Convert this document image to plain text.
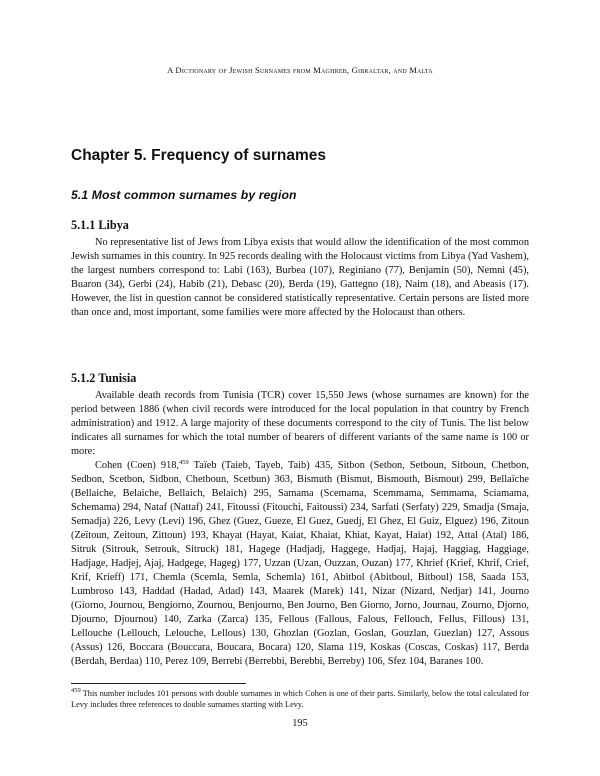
A Dictionary of Jewish Surnames from Maghreb, Gibraltar, and Malta
Chapter 5. Frequency of surnames
5.1 Most common surnames by region
5.1.1 Libya

No representative list of Jews from Libya exists that would allow the identification of the most common Jewish surnames in this country. In 925 records dealing with the Holocaust victims from Libya (Yad Vashem), the largest numbers correspond to: Labi (163), Burbea (107), Reginiano (77), Benjamin (50), Nemni (45), Buaron (34), Gerbi (24), Habib (21), Debasc (20), Berda (19), Gattegno (18), Naim (18), and Abeasis (17). However, the list in question cannot be considered statistically representative. Certain persons are listed more than once and, most important, some families were more affected by the Holocaust than others.

5.1.2 Tunisia

Available death records from Tunisia (TCR) cover 15,550 Jews (whose surnames are known) for the period between 1886 (when civil records were introduced for the local population in that country by French administration) and 1912. A large majority of these documents correspond to the city of Tunis. The list below indicates all surnames for which the total number of bearers of different variants of the same name is 100 or more:

Cohen (Coen) 918,$^{459}$ Taïeb (Taieb, Tayeb, Taib) 435, Sitbon (Setbon, Setboun, Sitboun, Chetbon, Sedbon, Scetbon, Sidbon, Chetboun, Scetbun) 363, Bismuth (Bismut, Bismouth, Bismout) 299, Bellaïche (Bellaiche, Belaiche, Bellaich, Belaich) 295, Samama (Scemama, Scemmama, Semmama, Sciamama, Schemama) 294, Nataf (Nattaf) 241, Fitoussi (Fitouchi, Faitoussi) 234, Sarfati (Serfaty) 229, Smadja (Smaja, Semadja) 226, Levy (Levi) 196, Ghez (Guez, Gueze, El Guez, Guedj, El Ghez, El Guiz, Elguez) 196, Zitoun (Zeïtoun, Zeitoun, Zittoun) 193, Khayat (Hayat, Kaiat, Khaiat, Khiat, Kayat, Haiat) 192, Attal (Atal) 186, Sitruk (Sitrouk, Setrouk, Sitruck) 181, Hagege (Hadjadj, Haggege, Hadjaj, Hajaj, Haggiag, Haggiage, Hadjage, Hadjej, Ajaj, Hadgege, Hageg) 177, Uzzan (Uzan, Ouzzan, Ouzan) 177, Khrief (Krief, Khrif, Crief, Krif, Krieff) 171, Chemla (Scemla, Semla, Schemla) 161, Abitbol (Abitboul, Bitboul) 158, Saada 153, Lumbroso 143, Haddad (Hadad, Adad) 143, Maarek (Marek) 141, Nizar (Nizard, Nedjar) 141, Journo (Giorno, Journou, Bengiorno, Zournou, Benjourno, Ben Journo, Ben Giorno, Jorno, Journau, Zourno, Djorno, Djourno, Djournou) 140, Zarka (Zarca) 135, Fellous (Fallous, Falous, Fellouch, Fellus, Fillous) 131, Lellouche (Lellouch, Lelouche, Lellous) 130, Ghozlan (Gozlan, Goslan, Gouzlan, Guezlan) 127, Assous (Assus) 126, Boccara (Bouccara, Boucara, Bocara) 120, Slama 119, Koskas (Coscas, Coskas) 117, Berda (Berdah, Berdaa) 110, Perez 109, Berrebi (Berrebbi, Berebbi, Berreby) 106, Sfez 104, Baranes 100.

$^{459}$ This number includes 101 persons with double surnames in which Cohen is one of their parts. Similarly, below the total calculated for Levy includes three references to double surnames starting with Levy.

195
